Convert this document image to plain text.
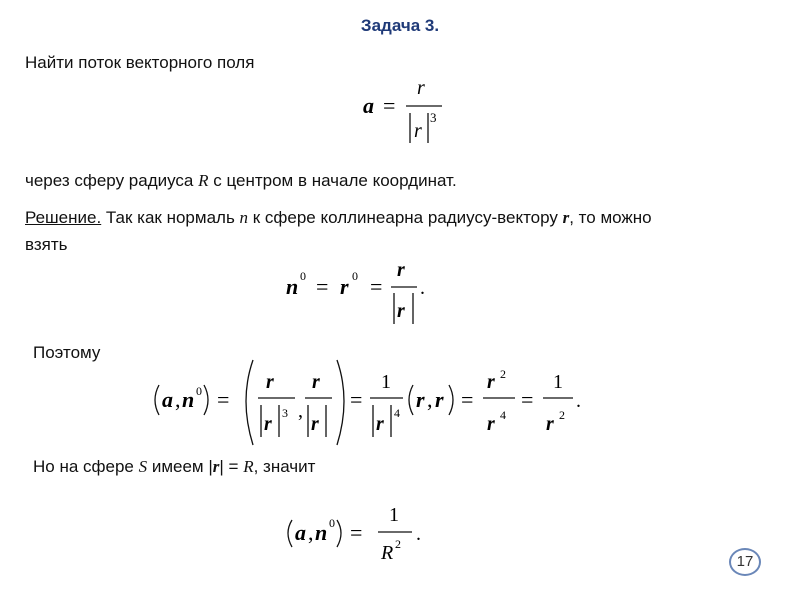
Задача 3.
Найти поток векторного поля
a =
r
r
3
через сферу радиуса R с центром в начале координат.
Решение. Так как нормаль n к сфере коллинеарна радиусу-вектору r, то можно
взять
n 0 = r 0 =
r
r
.
Поэтому
a , n 0 =
r
r 3 ,
r
r
=
1
r 4
r , r =
r 2
r 4
=
1
r 2
.
Но на сфере S имеем |r| = R, значит
a , n 0 =
1
R 2 .
17
